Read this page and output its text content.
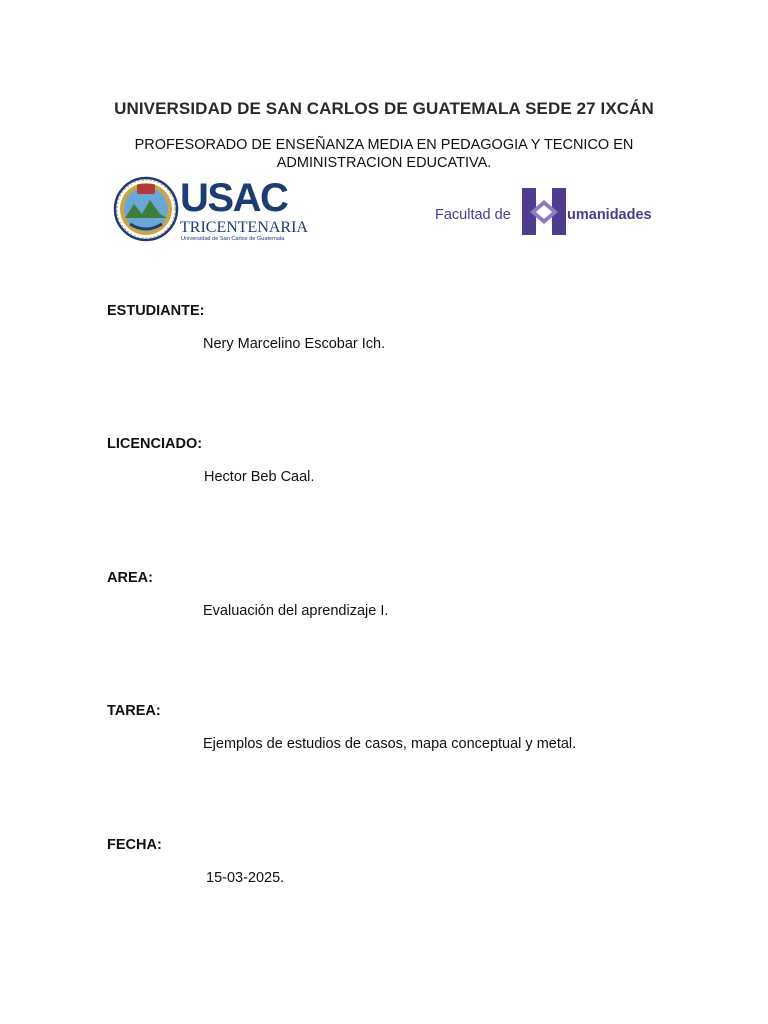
UNIVERSIDAD DE SAN CARLOS DE GUATEMALA SEDE 27 IXCÁN
PROFESORADO DE ENSEÑANZA MEDIA EN PEDAGOGIA Y TECNICO EN ADMINISTRACION EDUCATIVA.
USAC
TRICENTENARIA
Universidad de San Carlos de Guatemala
Facultad de	umanidades
ESTUDIANTE:
Nery Marcelino Escobar Ich.
LICENCIADO:
Hector Beb Caal.
AREA:
Evaluación del aprendizaje I.
TAREA:
Ejemplos de estudios de casos, mapa conceptual y metal.
FECHA:
15-03-2025.
